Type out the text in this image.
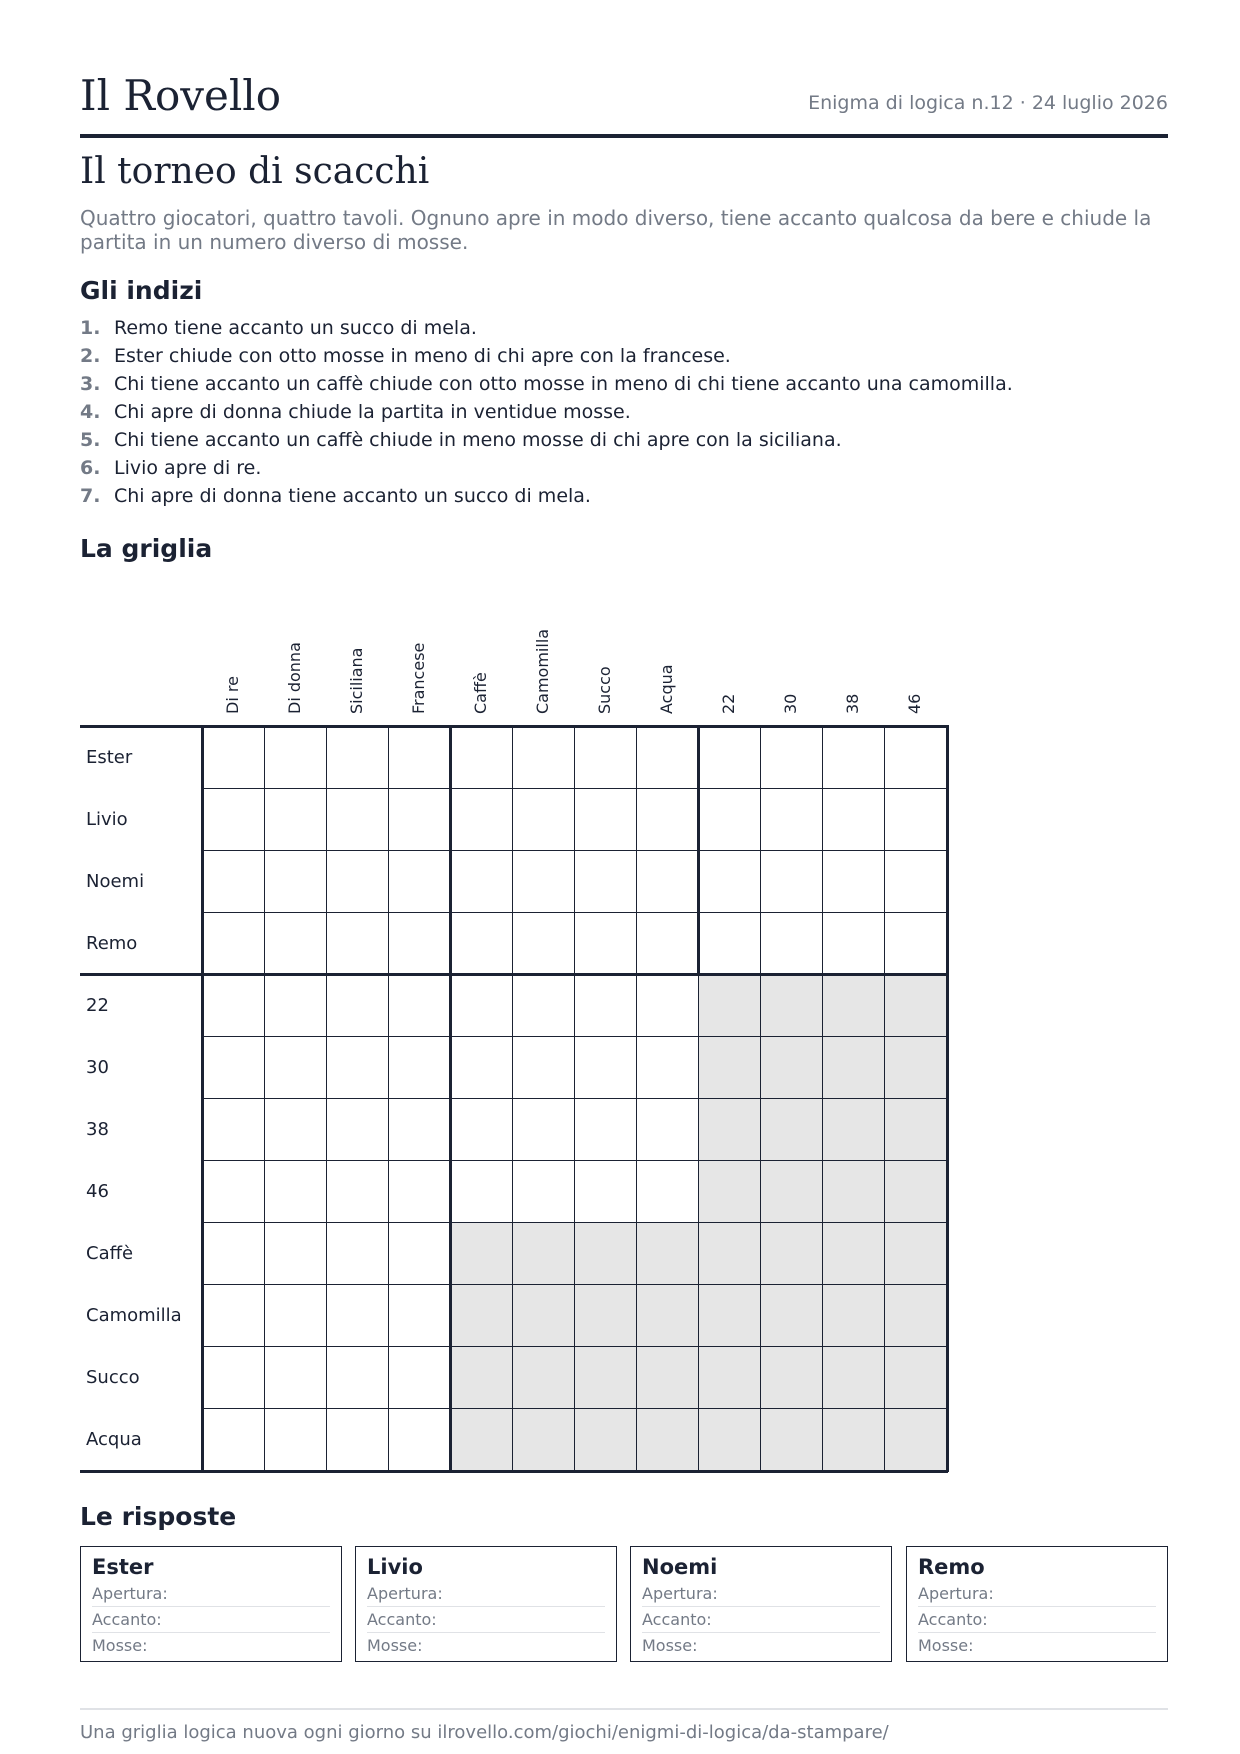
Il Rovello	Enigma di logica n.12 · 24 luglio 2026
Il torneo di scacchi
Quattro giocatori, quattro tavoli. Ognuno apre in modo diverso, tiene accanto qualcosa da bere e chiude la partita in un numero diverso di mosse.
Gli indizi
1. Remo tiene accanto un succo di mela.
2. Ester chiude con otto mosse in meno di chi apre con la francese.
3. Chi tiene accanto un caffè chiude con otto mosse in meno di chi tiene accanto una camomilla.
4. Chi apre di donna chiude la partita in ventidue mosse.
5. Chi tiene accanto un caffè chiude in meno mosse di chi apre con la siciliana.
6. Livio apre di re.
7. Chi apre di donna tiene accanto un succo di mela.
La griglia
Di re	Di donna	Siciliana	Francese	Caffè	Camomilla	Succo	Acqua	22	30	38	46
Ester
Livio
Noemi
Remo
22
30
38
46
Caffè
Camomilla
Succo
Acqua
Le risposte
Ester
Apertura:
Accanto:
Mosse:
Livio
Apertura:
Accanto:
Mosse:
Noemi
Apertura:
Accanto:
Mosse:
Remo
Apertura:
Accanto:
Mosse:
Una griglia logica nuova ogni giorno su ilrovello.com/giochi/enigmi-di-logica/da-stampare/
